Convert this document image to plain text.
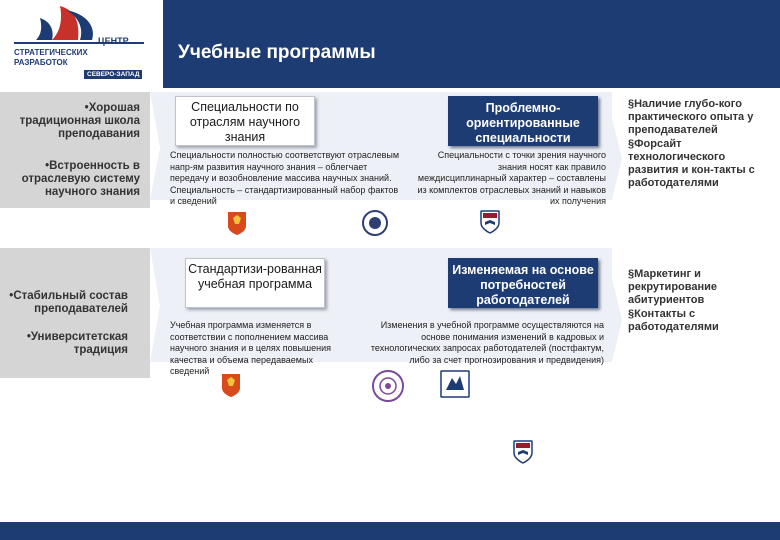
ЦЕНТР
СТРАТЕГИЧЕСКИХ
РАЗРАБОТОК
СЕВЕРО-ЗАПАД
Учебные программы
•Хорошая традиционная школа преподавания
•Встроенность в отраслевую систему научного знания
•Стабильный состав преподавателей
•Университетская традиция
Специальности по отраслям научного знания
Проблемно-ориентированные специальности
Стандартизи-рованная учебная программа
Изменяемая на основе потребностей работодателей
Специальности полностью соответствуют отраслевым напр-ям развития научного знания – облегчает передачу и возобновление массива научных знаний. Специальность – стандартизированный набор фактов и сведений
Специальности с точки зрения научного знания носят как правило междисциплинарный характер – составлены из комплектов отраслевых знаний и навыков их получения
Учебная программа изменяется в соответствии с пополнением массива научного знания и в целях повышения качества и объема передаваемых сведений
Изменения в учебной программе осуществляются на основе понимания изменений в кадровых и технологических запросах работодателей (постфактум, либо за счет прогнозирования и предвидения)
§Наличие глубо-кого практического опыта у преподавателей
§Форсайт технологического развития и кон-такты с работодателями
§Маркетинг и рекрутирование абитуриентов
§Контакты с работодателями
